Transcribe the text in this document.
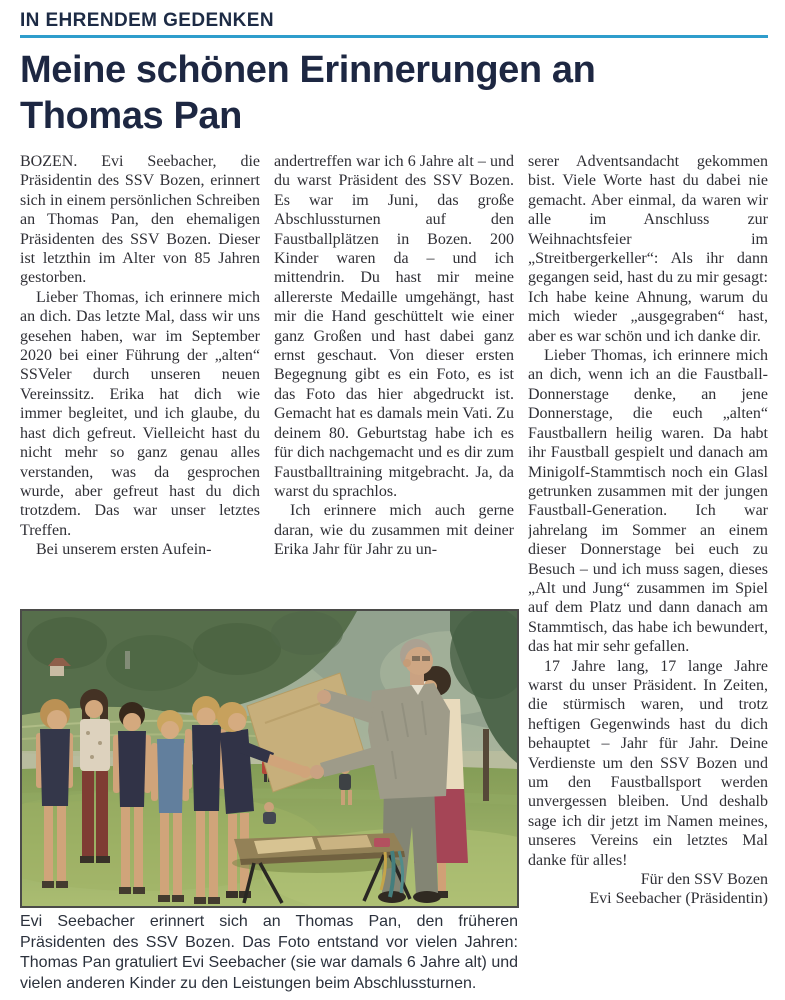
IN EHRENDEM GEDENKEN
Meine schönen Erinnerungen an Thomas Pan

BOZEN. Evi Seebacher, die Präsidentin des SSV Bozen, erinnert sich in einem persönlichen Schreiben an Thomas Pan, den ehemaligen Präsidenten des SSV Bozen. Dieser ist letzthin im Alter von 85 Jahren gestorben.

Lieber Thomas, ich erinnere mich an dich. Das letzte Mal, dass wir uns gesehen haben, war im September 2020 bei einer Führung der „alten“ SSVeler durch unseren neuen Vereinssitz. Erika hat dich wie immer begleitet, und ich glaube, du hast dich gefreut. Vielleicht hast du nicht mehr so ganz genau alles verstanden, was da gesprochen wurde, aber gefreut hast du dich trotzdem. Das war unser letztes Treffen.

Bei unserem ersten Aufein-

andertreffen war ich 6 Jahre alt – und du warst Präsident des SSV Bozen. Es war im Juni, das große Abschlussturnen auf den Faustballplätzen in Bozen. 200 Kinder waren da – und ich mittendrin. Du hast mir meine allererste Medaille umgehängt, hast mir die Hand geschüttelt wie einer ganz Großen und hast dabei ganz ernst geschaut. Von dieser ersten Begegnung gibt es ein Foto, es ist das Foto das hier abgedruckt ist. Gemacht hat es damals mein Vati. Zu deinem 80. Geburtstag habe ich es für dich nachgemacht und es dir zum Faustballtraining mitgebracht. Ja, da warst du sprachlos.

Ich erinnere mich auch gerne daran, wie du zusammen mit deiner Erika Jahr für Jahr zu un-

serer Adventsandacht gekommen bist. Viele Worte hast du dabei nie gemacht. Aber einmal, da waren wir alle im Anschluss zur Weihnachtsfeier im „Streitbergerkeller“: Als ihr dann gegangen seid, hast du zu mir gesagt: Ich habe keine Ahnung, warum du mich wieder „ausgegraben“ hast, aber es war schön und ich danke dir.

Lieber Thomas, ich erinnere mich an dich, wenn ich an die Faustball-Donnerstage denke, an jene Donnerstage, die euch „alten“ Faustballern heilig waren. Da habt ihr Faustball gespielt und danach am Minigolf-Stammtisch noch ein Glasl getrunken zusammen mit der jungen Faustball-Generation. Ich war jahrelang im Sommer an einem dieser Donnerstage bei euch zu Besuch – und ich muss sagen, dieses „Alt und Jung“ zusammen im Spiel auf dem Platz und dann danach am Stammtisch, das habe ich bewundert, das hat mir sehr gefallen.

17 Jahre lang, 17 lange Jahre warst du unser Präsident. In Zeiten, die stürmisch waren, und trotz heftigen Gegenwinds hast du dich behauptet – Jahr für Jahr. Deine Verdienste um den SSV Bozen und um den Faustballsport werden unvergessen bleiben. Und deshalb sage ich dir jetzt im Namen meines, unseres Vereins ein letztes Mal danke für alles!

Für den SSV Bozen

Evi Seebacher (Präsidentin)

Evi Seebacher erinnert sich an Thomas Pan, den früheren Präsidenten des SSV Bozen. Das Foto entstand vor vielen Jahren: Thomas Pan gratuliert Evi Seebacher (sie war damals 6 Jahre alt) und vielen anderen Kinder zu den Leistungen beim Abschlussturnen.
